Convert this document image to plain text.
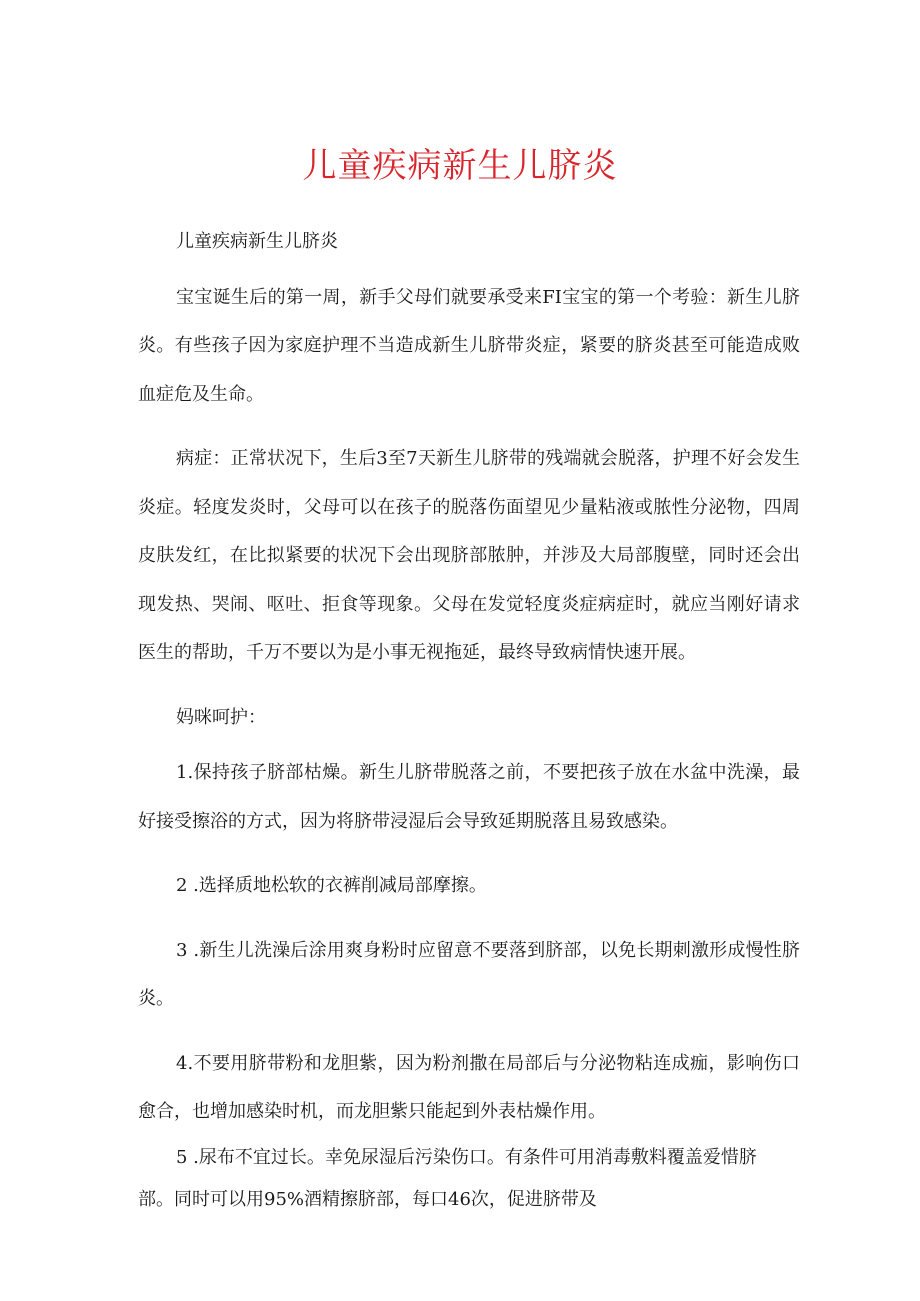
儿童疾病新生儿脐炎

儿童疾病新生儿脐炎

宝宝诞生后的第一周，新手父母们就要承受来FI宝宝的第一个考验：新生儿脐炎。有些孩子因为家庭护理不当造成新生儿脐带炎症，紧要的脐炎甚至可能造成败血症危及生命。

病症：正常状况下，生后3至7天新生儿脐带的残端就会脱落，护理不好会发生炎症。轻度发炎时，父母可以在孩子的脱落伤面望见少量粘液或脓性分泌物，四周皮肤发红，在比拟紧要的状况下会出现脐部脓肿，并涉及大局部腹壁，同时还会出现发热、哭闹、呕吐、拒食等现象。父母在发觉轻度炎症病症时，就应当刚好请求医生的帮助，千万不要以为是小事无视拖延，最终导致病情快速开展。

妈咪呵护：

1.保持孩子脐部枯燥。新生儿脐带脱落之前，不要把孩子放在水盆中洗澡，最好接受擦浴的方式，因为将脐带浸湿后会导致延期脱落且易致感染。

2 .选择质地松软的衣裤削减局部摩擦。

3 .新生儿洗澡后涂用爽身粉时应留意不要落到脐部，以免长期刺激形成慢性脐炎。

4.不要用脐带粉和龙胆紫，因为粉剂撒在局部后与分泌物粘连成痂，影响伤口愈合，也增加感染时机，而龙胆紫只能起到外表枯燥作用。

5 .尿布不宜过长。幸免尿湿后污染伤口。有条件可用消毒敷料覆盖爱惜脐部。同时可以用95%酒精擦脐部，每口46次，促进脐带及
